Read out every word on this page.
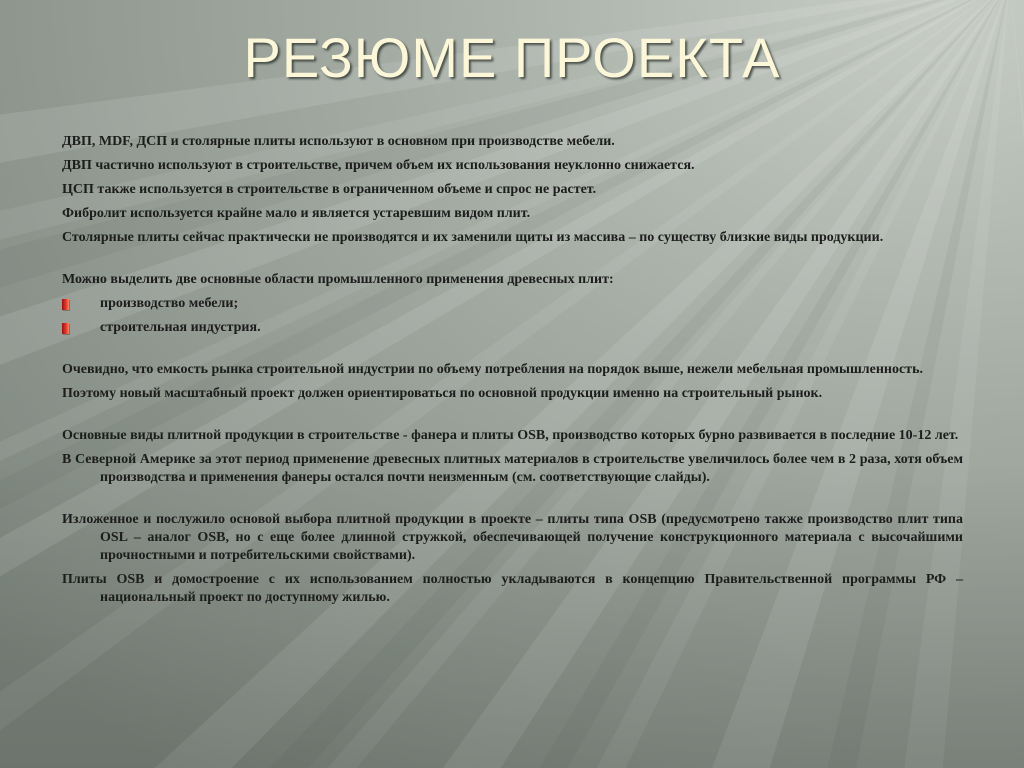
РЕЗЮМЕ ПРОЕКТА
ДВП, MDF, ДСП и столярные плиты используют в основном при производстве мебели.
ДВП частично используют в строительстве, причем объем их использования неуклонно снижается.
ЦСП также используется в строительстве в ограниченном объеме и спрос не растет.
Фибролит используется крайне мало и является устаревшим видом плит.
Столярные плиты сейчас практически не производятся и их заменили щиты из массива – по существу близкие виды продукции.
Можно выделить две основные области промышленного применения древесных плит:
производство мебели;
строительная индустрия.
Очевидно, что емкость рынка строительной индустрии по объему потребления на порядок выше, нежели мебельная промышленность.
Поэтому новый масштабный проект должен ориентироваться по основной продукции именно на строительный рынок.
Основные виды плитной продукции в строительстве - фанера и плиты OSB, производство которых бурно развивается в последние 10-12 лет.
В Северной Америке за этот период применение древесных плитных материалов в строительстве увеличилось более чем в 2 раза, хотя объем производства и применения фанеры остался почти неизменным (см. соответствующие слайды).
Изложенное и послужило основой выбора плитной продукции в проекте – плиты типа OSB (предусмотрено также производство плит типа OSL – аналог OSB, но с еще более длинной стружкой, обеспечивающей получение конструкционного материала с высочайшими прочностными и потребительскими свойствами).
Плиты OSB и домостроение с их использованием полностью укладываются в концепцию Правительственной программы РФ – национальный проект по доступному жилью.
